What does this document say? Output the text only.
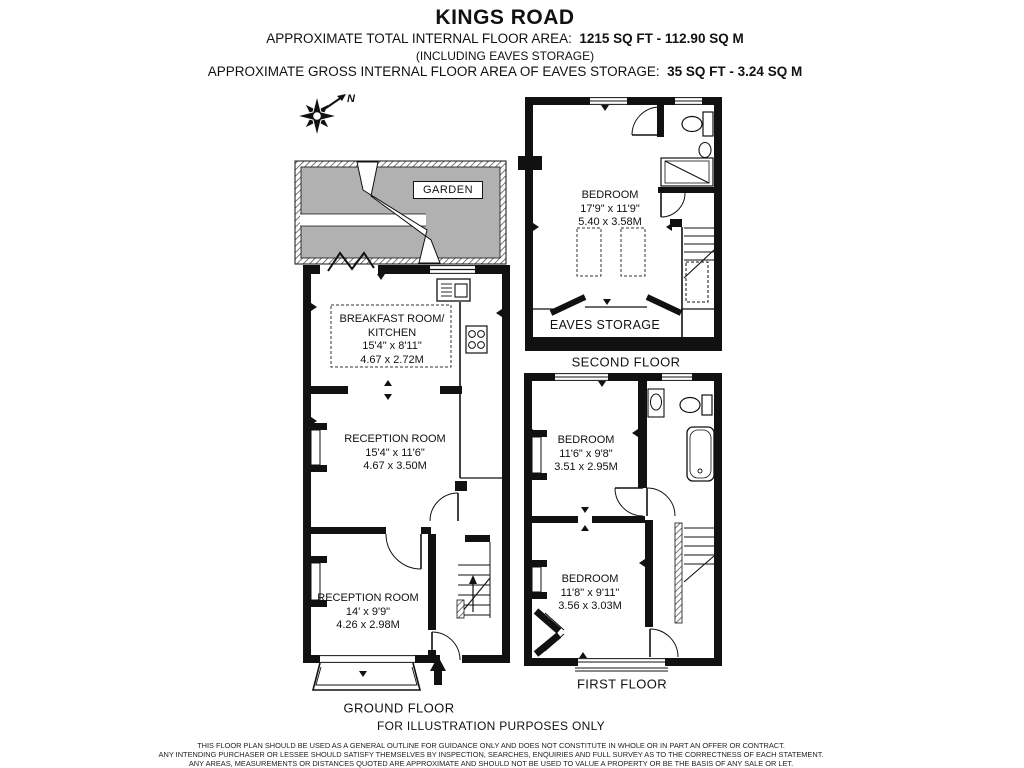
KINGS ROAD
APPROXIMATE TOTAL INTERNAL FLOOR AREA: 1215 SQ FT - 112.90 SQ M
(INCLUDING EAVES STORAGE)
APPROXIMATE GROSS INTERNAL FLOOR AREA OF EAVES STORAGE: 35 SQ FT - 3.24 SQ M
N
GARDEN
BREAKFAST ROOM/
KITCHEN
15'4" x 8'11"
4.67 x 2.72M
RECEPTION ROOM
15'4" x 11'6"
4.67 x 3.50M
RECEPTION ROOM
14' x 9'9"
4.26 x 2.98M
BEDROOM
17'9" x 11'9"
5.40 x 3.58M
EAVES STORAGE
BEDROOM
11'6" x 9'8"
3.51 x 2.95M
BEDROOM
11'8" x 9'11"
3.56 x 3.03M
GROUND FLOOR
SECOND FLOOR
FIRST FLOOR
FOR ILLUSTRATION PURPOSES ONLY
THIS FLOOR PLAN SHOULD BE USED AS A GENERAL OUTLINE FOR GUIDANCE ONLY AND DOES NOT CONSTITUTE IN WHOLE OR IN PART AN OFFER OR CONTRACT.
ANY INTENDING PURCHASER OR LESSEE SHOULD SATISFY THEMSELVES BY INSPECTION, SEARCHES, ENQUIRIES AND FULL SURVEY AS TO THE CORRECTNESS OF EACH STATEMENT.
ANY AREAS, MEASUREMENTS OR DISTANCES QUOTED ARE APPROXIMATE AND SHOULD NOT BE USED TO VALUE A PROPERTY OR BE THE BASIS OF ANY SALE OR LET.
